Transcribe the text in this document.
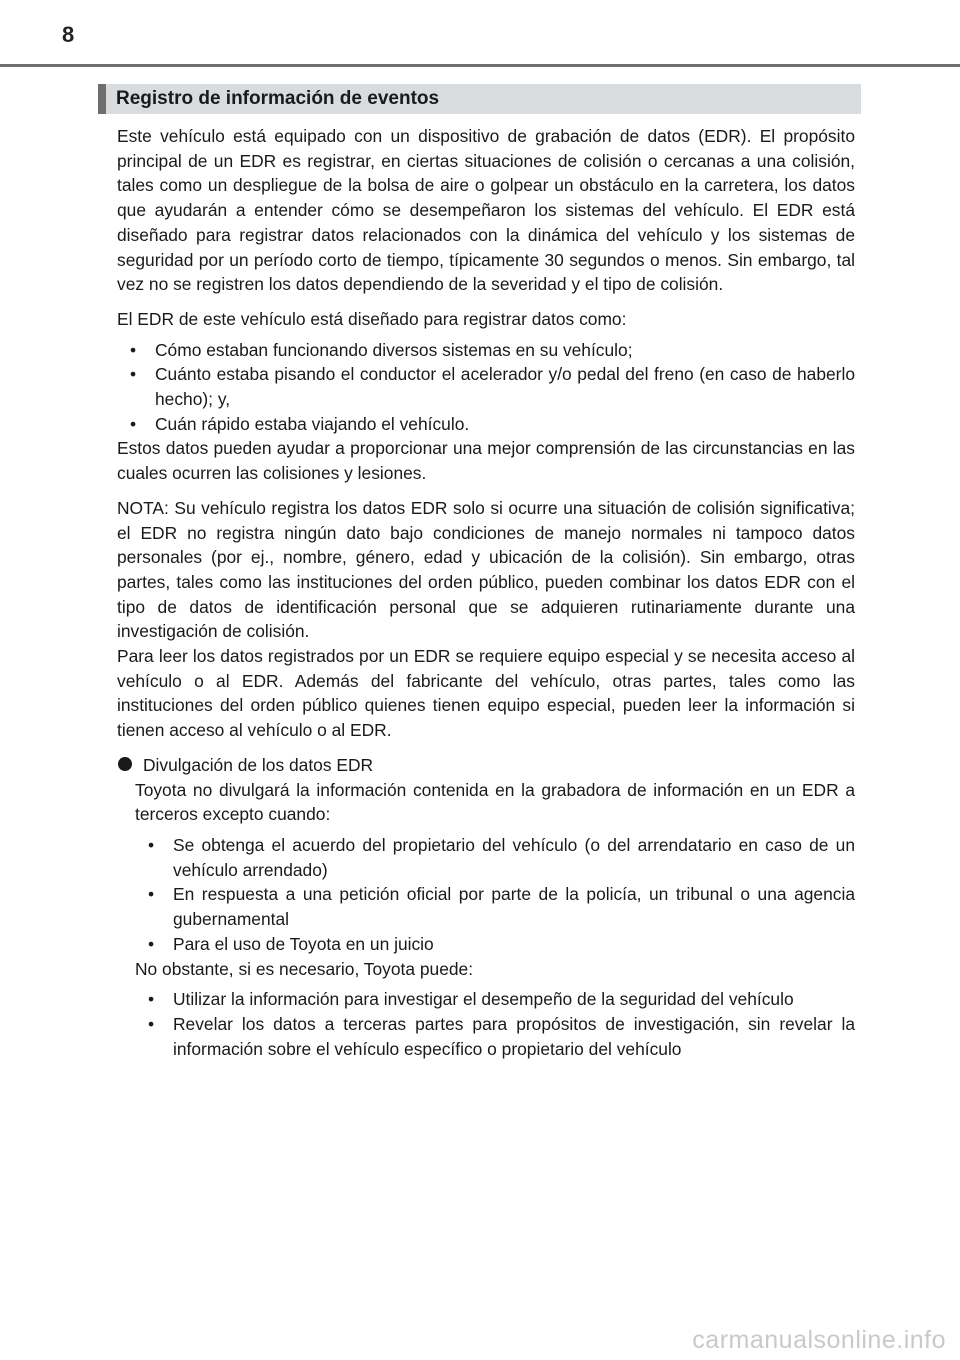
8
Registro de información de eventos

Este vehículo está equipado con un dispositivo de grabación de datos (EDR). El propósito principal de un EDR es registrar, en ciertas situaciones de colisión o cercanas a una colisión, tales como un despliegue de la bolsa de aire o golpear un obstáculo en la carretera, los datos que ayudarán a entender cómo se desempeñaron los sistemas del vehículo. El EDR está diseñado para registrar datos relacionados con la dinámica del vehículo y los sistemas de seguridad por un período corto de tiempo, típicamente 30 segundos o menos. Sin embargo, tal vez no se registren los datos dependiendo de la severidad y el tipo de colisión.

El EDR de este vehículo está diseñado para registrar datos como:

• Cómo estaban funcionando diversos sistemas en su vehículo;
• Cuánto estaba pisando el conductor el acelerador y/o pedal del freno (en caso de haberlo hecho); y,
• Cuán rápido estaba viajando el vehículo.

Estos datos pueden ayudar a proporcionar una mejor comprensión de las circunstancias en las cuales ocurren las colisiones y lesiones.

NOTA: Su vehículo registra los datos EDR solo si ocurre una situación de colisión significativa; el EDR no registra ningún dato bajo condiciones de manejo normales ni tampoco datos personales (por ej., nombre, género, edad y ubicación de la colisión). Sin embargo, otras partes, tales como las instituciones del orden público, pueden combinar los datos EDR con el tipo de datos de identificación personal que se adquieren rutinariamente durante una investigación de colisión.

Para leer los datos registrados por un EDR se requiere equipo especial y se necesita acceso al vehículo o al EDR. Además del fabricante del vehículo, otras partes, tales como las instituciones del orden público quienes tienen equipo especial, pueden leer la información si tienen acceso al vehículo o al EDR.

Divulgación de los datos EDR

Toyota no divulgará la información contenida en la grabadora de información en un EDR a terceros excepto cuando:

• Se obtenga el acuerdo del propietario del vehículo (o del arrendatario en caso de un vehículo arrendado)
• En respuesta a una petición oficial por parte de la policía, un tribunal o una agencia gubernamental
• Para el uso de Toyota en un juicio

No obstante, si es necesario, Toyota puede:

• Utilizar la información para investigar el desempeño de la seguridad del vehículo
• Revelar los datos a terceras partes para propósitos de investigación, sin revelar la información sobre el vehículo específico o propietario del vehículo
carmanualsonline.info
